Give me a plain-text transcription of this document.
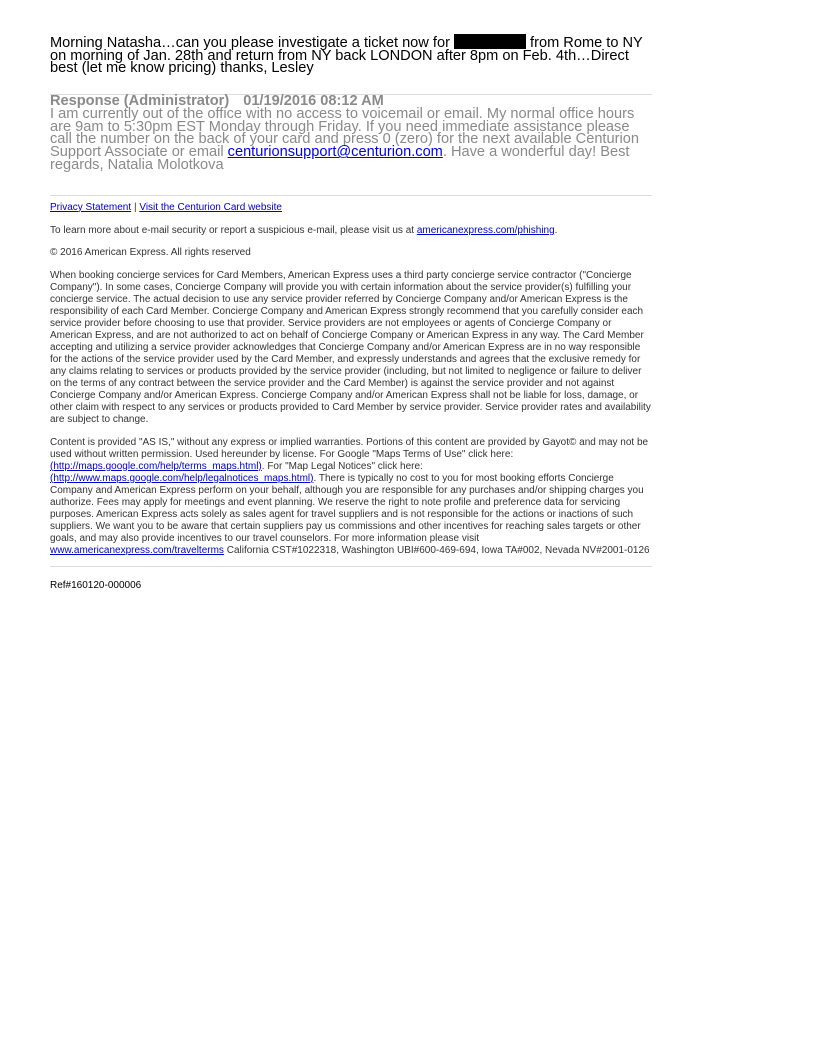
Morning Natasha…can you please investigate a ticket now for	from Rome to NY on morning of Jan. 28th and return from NY back LONDON after 8pm on Feb. 4th…Direct best (let me know pricing) thanks, Lesley

Response (Administrator) 01/19/2016 08:12 AM

I am currently out of the office with no access to voicemail or email. My normal office hours are 9am to 5:30pm EST Monday through Friday. If you need immediate assistance please call the number on the back of your card and press 0 (zero) for the next available Centurion Support Associate or email centurionsupport@centurion.com. Have a wonderful day! Best regards, Natalia Molotkova

Privacy Statement | Visit the Centurion Card website

To learn more about e-mail security or report a suspicious e-mail, please visit us at americanexpress.com/phishing.

© 2016 American Express. All rights reserved

When booking concierge services for Card Members, American Express uses a third party concierge service contractor ("Concierge Company"). In some cases, Concierge Company will provide you with certain information about the service provider(s) fulfilling your concierge service. The actual decision to use any service provider referred by Concierge Company and/or American Express is the responsibility of each Card Member. Concierge Company and American Express strongly recommend that you carefully consider each service provider before choosing to use that provider. Service providers are not employees or agents of Concierge Company or American Express, and are not authorized to act on behalf of Concierge Company or American Express in any way. The Card Member accepting and utilizing a service provider acknowledges that Concierge Company and/or American Express are in no way responsible for the actions of the service provider used by the Card Member, and expressly understands and agrees that the exclusive remedy for any claims relating to services or products provided by the service provider (including, but not limited to negligence or failure to deliver on the terms of any contract between the service provider and the Card Member) is against the service provider and not against Concierge Company and/or American Express. Concierge Company and/or American Express shall not be liable for loss, damage, or other claim with respect to any services or products provided to Card Member by service provider. Service provider rates and availability are subject to change.

Content is provided "AS IS," without any express or implied warranties. Portions of this content are provided by Gayot© and may not be used without written permission. Used hereunder by license. For Google "Maps Terms of Use" click here: (http://maps.google.com/help/terms_maps.html). For "Map Legal Notices" click here: (http://www.maps.google.com/help/legalnotices_maps.html). There is typically no cost to you for most booking efforts Concierge Company and American Express perform on your behalf, although you are responsible for any purchases and/or shipping charges you authorize. Fees may apply for meetings and event planning. We reserve the right to note profile and preference data for servicing purposes. American Express acts solely as sales agent for travel suppliers and is not responsible for the actions or inactions of such suppliers. We want you to be aware that certain suppliers pay us commissions and other incentives for reaching sales targets or other goals, and may also provide incentives to our travel counselors. For more information please visit www.americanexpress.com/travelterms California CST#1022318, Washington UBI#600-469-694, Iowa TA#002, Nevada NV#2001-0126

Ref#160120-000006
